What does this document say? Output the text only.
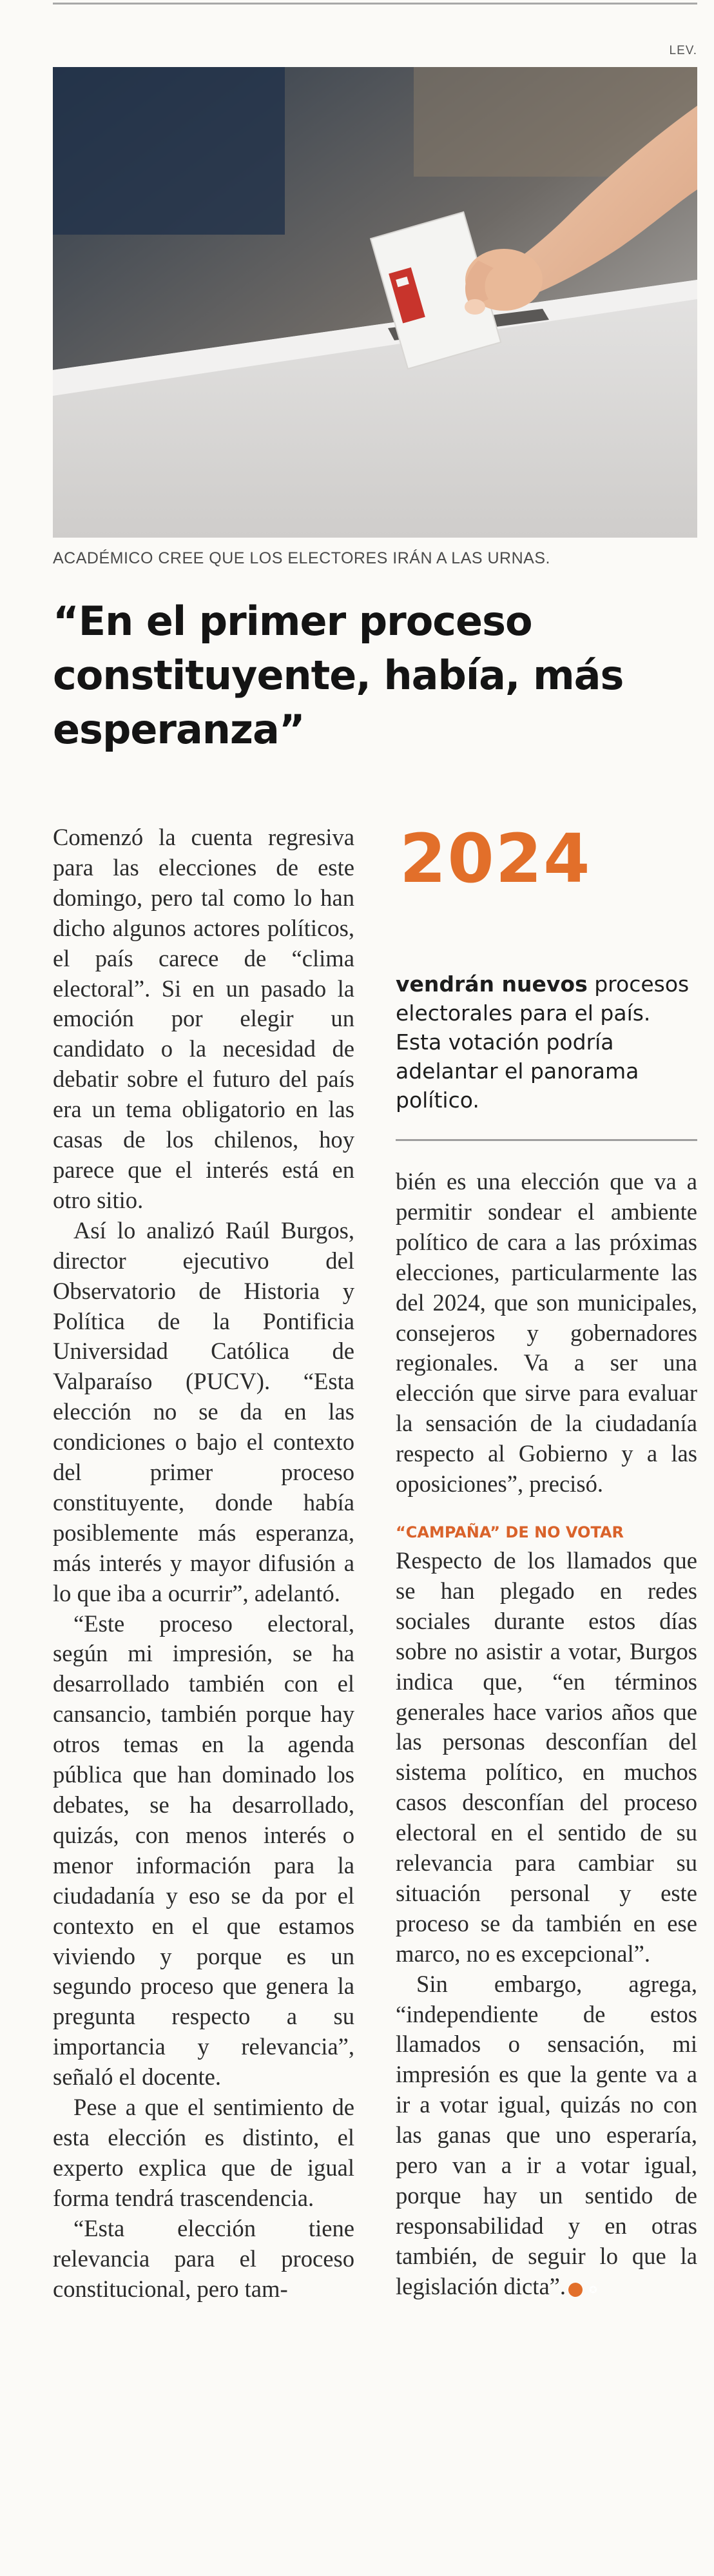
LEV.
ACADÉMICO CREE QUE LOS ELECTORES IRÁN A LAS URNAS.
“En el primer proceso constituyente, había, más esperanza”

Comenzó la cuenta regresiva para las elecciones de este domingo, pero tal como lo han dicho algunos actores políticos, el país carece de “clima electoral”. Si en un pasado la emoción por elegir un candidato o la necesidad de debatir sobre el futuro del país era un tema obligatorio en las casas de los chilenos, hoy parece que el interés está en otro sitio.

Así lo analizó Raúl Burgos, director ejecutivo del Observatorio de Historia y Política de la Pontificia Universidad Católica de Valparaíso (PUCV). “Esta elección no se da en las condiciones o bajo el contexto del primer proceso constituyente, donde había posiblemente más esperanza, más interés y mayor difusión a lo que iba a ocurrir”, adelantó.

“Este proceso electoral, según mi impresión, se ha desarrollado también con el cansancio, también porque hay otros temas en la agenda pública que han dominado los debates, se ha desarrollado, quizás, con menos interés o menor información para la ciudadanía y eso se da por el contexto en el que estamos viviendo y porque es un segundo proceso que genera la pregunta respecto a su importancia y relevancia”, señaló el docente.

Pese a que el sentimiento de esta elección es distinto, el experto explica que de igual forma tendrá trascendencia.

“Esta elección tiene relevancia para el proceso constitucional, pero tam-

2024
vendrán nuevos procesos electorales para el país. Esta votación podría adelantar el panorama político.

bién es una elección que va a permitir sondear el ambiente político de cara a las próximas elecciones, particularmente las del 2024, que son municipales, consejeros y gobernadores regionales. Va a ser una elección que sirve para evaluar la sensación de la ciudadanía respecto al Gobierno y a las oposiciones”, precisó.

“CAMPAÑA” DE NO VOTAR

Respecto de los llamados que se han plegado en redes sociales durante estos días sobre no asistir a votar, Burgos indica que, “en términos generales hace varios años que las personas desconfían del sistema político, en muchos casos desconfían del proceso electoral en el sentido de su relevancia para cambiar su situación personal y este proceso se da también en ese marco, no es excepcional”.

Sin embargo, agrega, “independiente de estos llamados o sensación, mi impresión es que la gente va a ir a votar igual, quizás no con las ganas que uno esperaría, pero van a ir a votar igual, porque hay un sentido de responsabilidad y en otras también, de seguir lo que la legislación dicta”. ✪
